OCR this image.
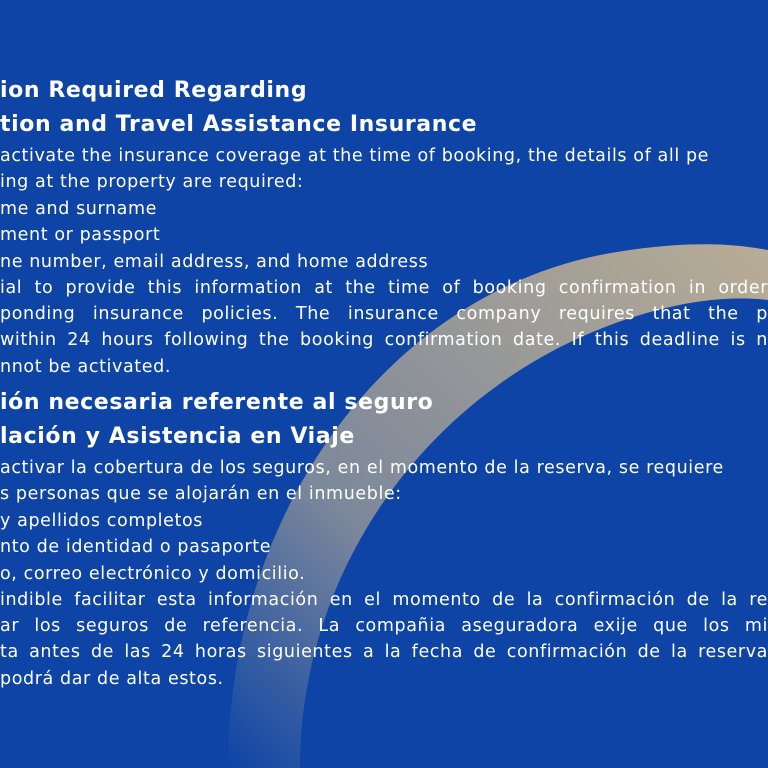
ion Required Regarding
tion and Travel Assistance Insurance
activate the insurance coverage at the time of booking, the details of all pe
ing at the property are required:
me and surname
ment or passport
ne number, email address, and home address
ial to provide this information at the time of booking confirmation in order
ponding insurance policies. The insurance company requires that the p
within 24 hours following the booking confirmation date. If this deadline is n
nnot be activated.
ión necesaria referente al seguro
lación y Asistencia en Viaje
activar la cobertura de los seguros, en el momento de la reserva, se requiere
s personas que se alojarán en el inmueble:
y apellidos completos
nto de identidad o pasaporte
o, correo electrónico y domicilio.
indible facilitar esta información en el momento de la confirmación de la re
ar los seguros de referencia. La compañia aseguradora exije que los mi
ta antes de las 24 horas siguientes a la fecha de confirmación de la reserva
podrá dar de alta estos.
